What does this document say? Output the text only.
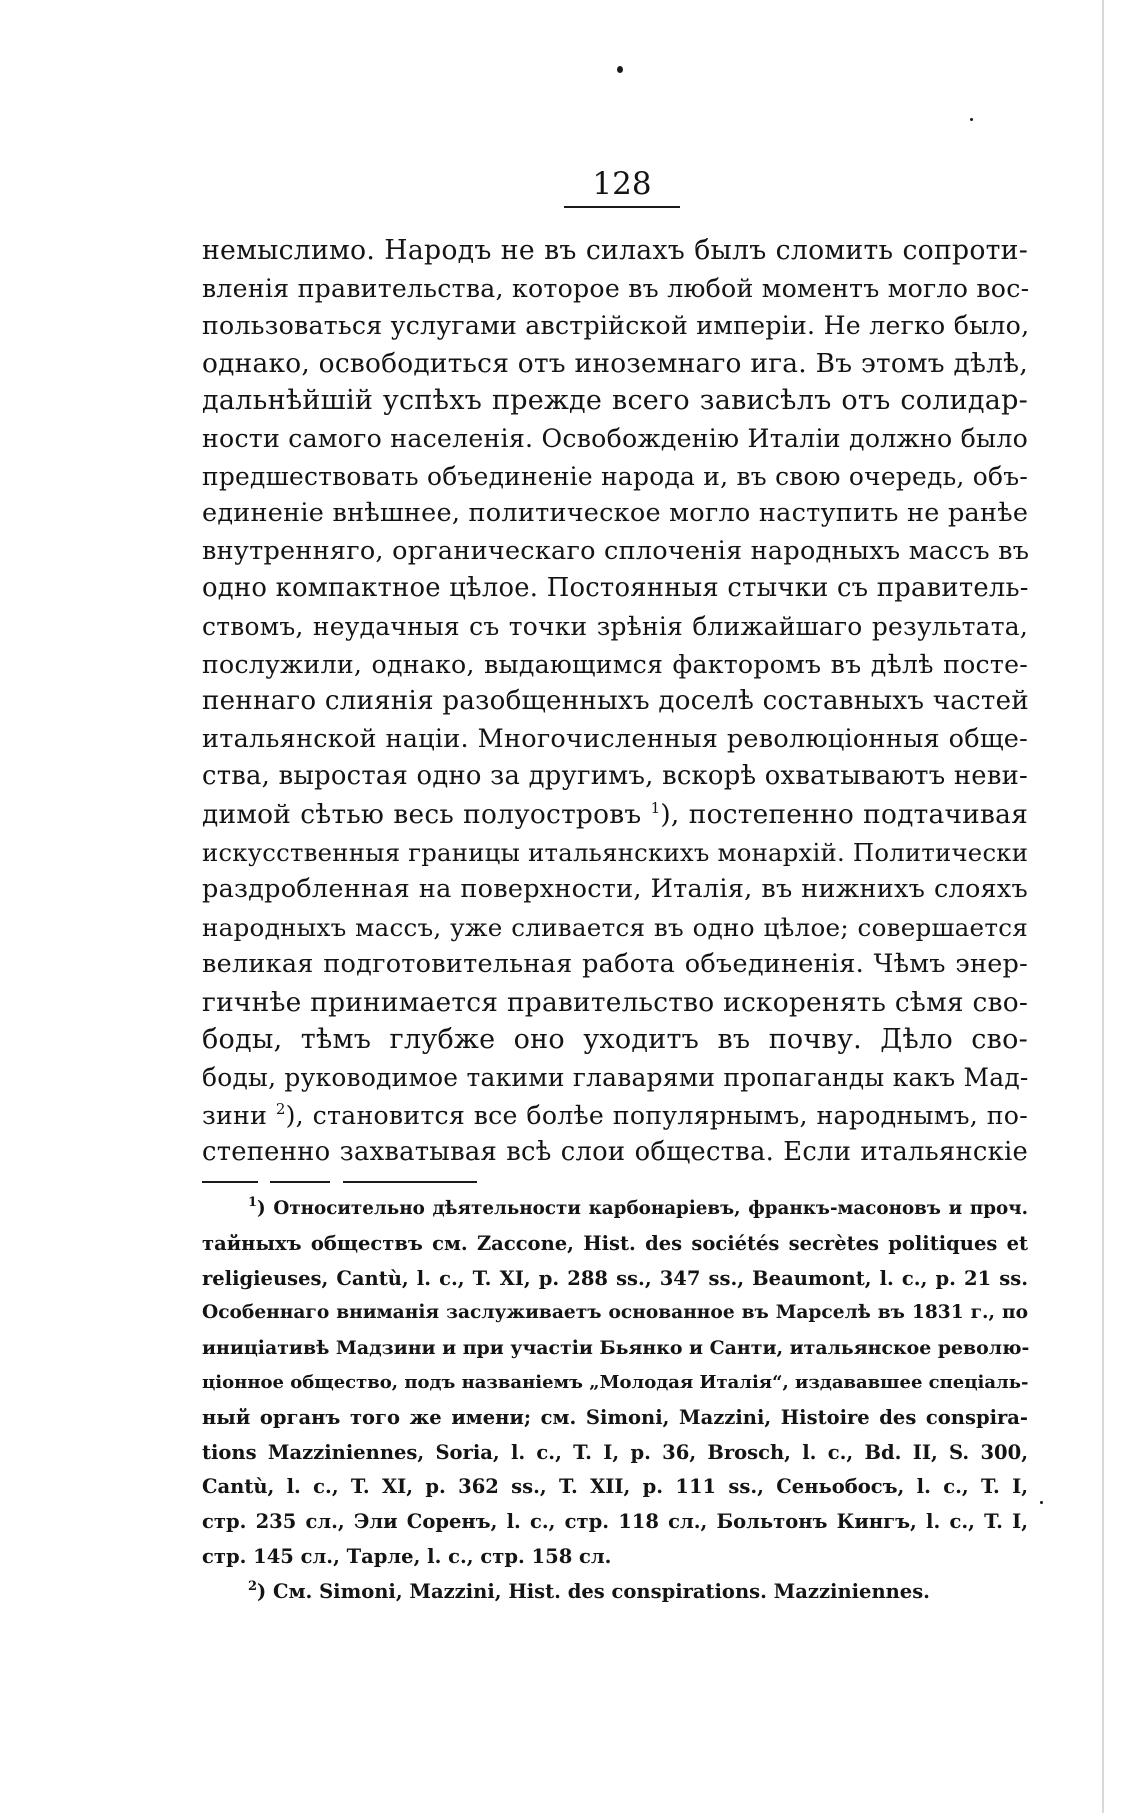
128
немыслимо. Народъ не въ силахъ былъ сломить сопроти-
вленія правительства, которое въ любой моментъ могло вос-
пользоваться услугами австрійской имперіи. Не легко было,
однако, освободиться отъ иноземнаго ига. Въ этомъ дѣлѣ,
дальнѣйшій успѣхъ прежде всего зависѣлъ отъ солидар-
ности самого населенія. Освобожденію Италіи должно было
предшествовать объединеніе народа и, въ свою очередь, объ-
единеніе внѣшнее, политическое могло наступить не ранѣе
внутренняго, органическаго сплоченія народныхъ массъ въ
одно компактное цѣлое. Постоянныя стычки съ правитель-
ствомъ, неудачныя съ точки зрѣнія ближайшаго результата,
послужили, однако, выдающимся факторомъ въ дѣлѣ посте-
пеннаго слиянія разобщенныхъ доселѣ составныхъ частей
итальянской націи. Многочисленныя революціонныя обще-
ства, выростая одно за другимъ, вскорѣ охватываютъ неви-
димой сѣтью весь полуостровъ $^1$), постепенно подтачивая
искусственныя границы итальянскихъ монархій. Политически
раздробленная на поверхности, Италія, въ нижнихъ слояхъ
народныхъ массъ, уже сливается въ одно цѣлое; совершается
великая подготовительная работа объединенія. Чѣмъ энер-
гичнѣе принимается правительство искоренять сѣмя сво-
боды, тѣмъ глубже оно уходитъ въ почву. Дѣло сво-
боды, руководимое такими главарями пропаганды какъ Мад-
зини $^2$), становится все болѣе популярнымъ, народнымъ, по-
степенно захватывая всѣ слои общества. Если итальянскіе
$^1$) Относительно дѣятельности карбонаріевъ, франкъ-масоновъ и проч.
тайныхъ обществъ см. Zaccone, Hist. des sociétés secrètes politiques et
religieuses, Cantù, l. c., T. XI, p. 288 ss., 347 ss., Beaumont, l. c., p. 21 ss.
Особеннаго вниманія заслуживаетъ основанное въ Марселѣ въ 1831 г., по
иниціативѣ Мадзини и при участіи Бьянко и Санти, итальянское револю-
ціонное общество, подъ названіемъ „Молодая Италія“, издававшее спеціаль-
ный органъ того же имени; см. Simoni, Mazzini, Histoire des conspira-
tions Mazziniennes, Soria, l. c., T. I, p. 36, Brosch, l. c., Bd. II, S. 300,
Cantù, l. c., T. XI, p. 362 ss., T. XII, p. 111 ss., Сеньобосъ, l. c., T. I,
стр. 235 сл., Эли Соренъ, l. c., стр. 118 сл., Больтонъ Кингъ, l. c., T. I,
стр. 145 сл., Тарле, l. c., стр. 158 сл.
$^2$) См. Simoni, Mazzini, Hist. des conspirations. Mazziniennes.
